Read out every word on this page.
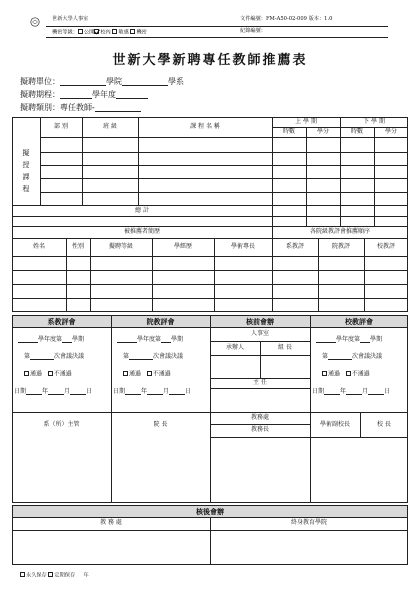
世新大學人事室	文件編號：FM-A50-02-009 版本：1.0
機密等級： 公開 校內 敏感 機密	紀錄編號：
世新大學新聘專任教師推薦表
擬聘單位：	學院	學系
擬聘期程：	學年度
擬聘類別：專任教師-
部 別	班 級	課 程 名 稱
上 學 期	下 學 期
時數	學分	時數	學分
擬
授
課
程
總 計
被推薦者簡歷	各院級教評會推薦順序
姓名	性別	擬聘等級	學經歷	學術專長	系教評	院教評	校教評
系教評會	院教評會	核前會辦	校教評會
學年度第 學期
第	次會議決議
通過 不通過
日期	年	月	日
系（所）主管
學年度第 學期
第	次會議決議
通過 不通過
日期	年	月	日
院 長
人事室
承辦人	組 長
主 任
教務處
教務長
學年度第 學期
第	次會議決議
通過 不通過
日期	年	月	日
學術副校長	校 長
核後會辦
教 務 處	終身教育學院
永久保存 定期保存 年
